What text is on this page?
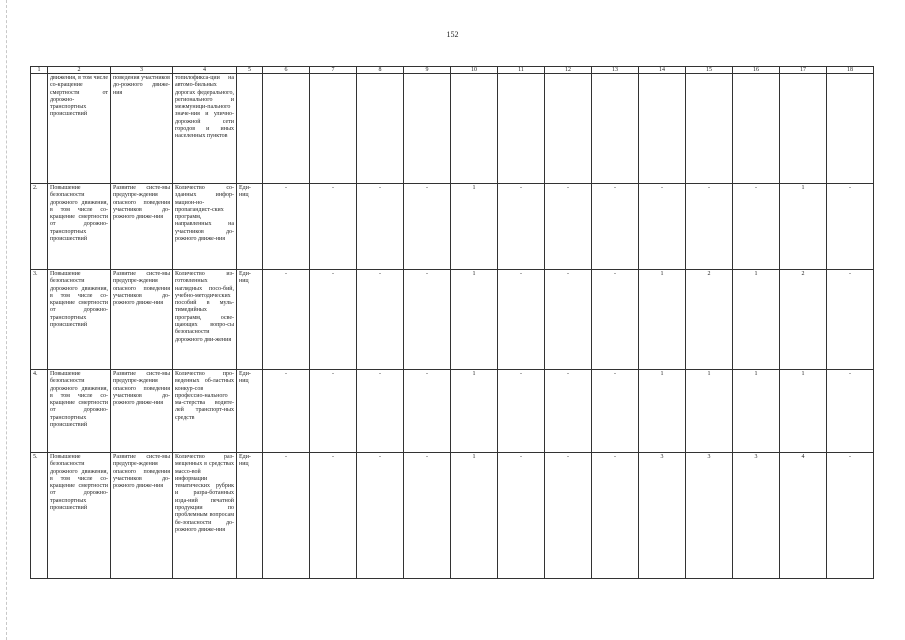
152
1	2	3	4	5	6	7	8	9	10	11	12	13	14	15	16	17	18
	движения, в том числе со-кращение смертности от дорожно-транспортных происшествий	поведения участников до-рожного движе-ния	топилофикса-ции на автомо-бильных дорогах федерального, регионального и межмуници-пального значе-ния и улично-дорожной сети городов и иных населенных пунктов														
2.	Повышение безопасности дорожного движения, в том числе со-кращение смертности от дорожно-транспортных происшествий	Развитие систе-мы предупре-ждения опасного поведения участников до-рожного движе-ния	Количество со-зданных инфор-мацион-но-пропагандист-ских программ, направленных на участников до-рожного движе-ния	Еди-ниц	-	-	-	-	1	-	-	-	-	-	-	1	-
3.	Повышение безопасности дорожного движения, в том числе со-кращение смертности от дорожно-транспортных происшествий	Развитие систе-мы предупре-ждения опасного поведения участников до-рожного движе-ния	Количество из-готовленных наглядных посо-бий, учебно-методических пособий в муль-тимедийных программ, осве-щающих вопро-сы безопасности дорожного дви-жения	Еди-ниц	-	-	-	-	1	-	-	-	1	2	1	2	-
4.	Повышение безопасности дорожного движения, в том числе со-кращение смертности от дорожно-транспортных происшествий	Развитие систе-мы предупре-ждения опасного поведения участников до-рожного движе-ния	Количество про-веденных об-ластных конкур-сов профессио-нального ма-стерства водите-лей транспорт-ных средств	Еди-ниц	-	-	-	-	1	-	-	-	1	1	1	1	-
5.	Повышение безопасности дорожного движения, в том числе со-кращение смертности от дорожно-транспортных происшествий	Развитие систе-мы предупре-ждения опасного поведения участников до-рожного движе-ния	Количество раз-мещенных в средствах массо-вой информации тематических рубрик и разра-ботанных изда-ний печатной продукции по проблемным вопросам бе-зопасности до-рожного движе-ния	Еди-ниц	-	-	-	-	1	-	-	-	3	3	3	4	-
